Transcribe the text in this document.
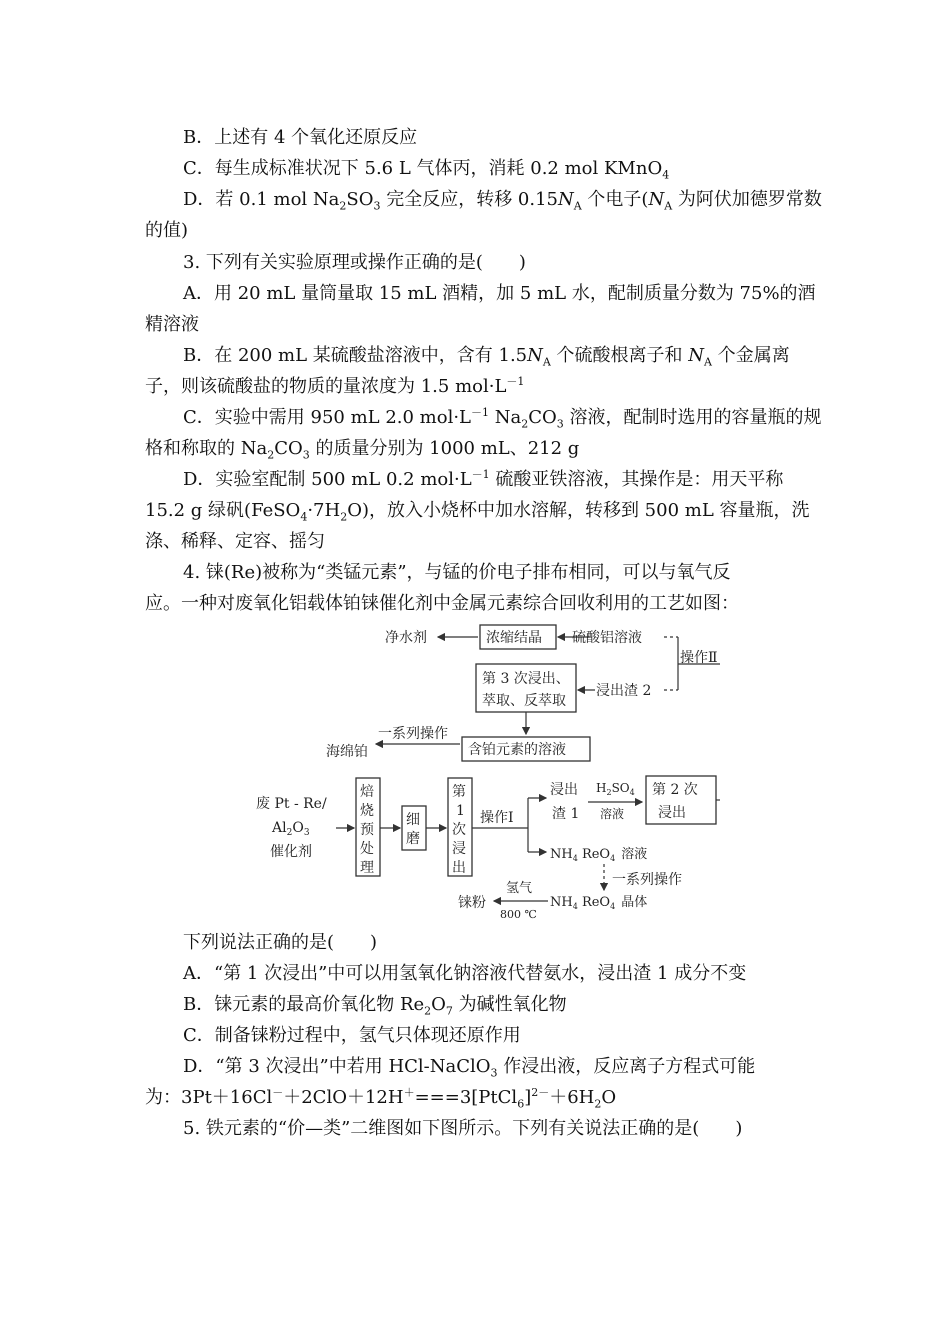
B．上述有 4 个氧化还原反应
C．每生成标准状况下 5.6 L 气体丙，消耗 0.2 mol KMnO$_4$
D．若 0.1 mol $Na_2SO_3$ 完全反应，转移 $0.15N_A$ 个电子($N_A$ 为阿伏加德罗常数
的值)
3. 下列有关实验原理或操作正确的是(　　)
A．用 20 mL 量筒量取 15 mL 酒精，加 5 mL 水，配制质量分数为 75%的酒
精溶液
B．在 200 mL 某硫酸盐溶液中，含有 $1.5N_A$ 个硫酸根离子和 $N_A$ 个金属离
子，则该硫酸盐的物质的量浓度为 1.5 $mol\cdot L^{-1}$
C．实验中需用 950 mL 2.0 $mol\cdot L^{-1}$ $Na_2CO_3$ 溶液，配制时选用的容量瓶的规
格和称取的 $Na_2CO_3$ 的质量分别为 1000 mL、212 g
D．实验室配制 500 mL 0.2 $mol\cdot L^{-1}$ 硫酸亚铁溶液，其操作是：用天平称
15.2 g 绿矾$(FeSO_4\cdot 7H_2O)$，放入小烧杯中加水溶解，转移到 500 mL 容量瓶，洗
涤、稀释、定容、摇匀
4. 铼(Re)被称为“类锰元素”，与锰的价电子排布相同，可以与氧气反
应。一种对废氧化铝载体铂铼催化剂中金属元素综合回收利用的工艺如图：
净水剂	浓缩结晶 硫酸铝溶液
操作Ⅱ
第 3 次浸出、
萃取、反萃取
浸出渣 2
含铂元素的溶液
一系列操作
海绵铂
废 Pt - Re/
$Al_2O_3$
催化剂
焙
烧
预
处
理
细
磨
第
1
次
浸
出
操作Ⅰ
浸出
渣 1
$H_2SO_4$
溶液
第 2 次
浸出
$NH_4$ ReO$_4$ 溶液
一系列操作
$NH_4$ ReO$_4$ 晶体
氢气
800 ℃
铼粉
下列说法正确的是(　　)
A．“第 1 次浸出”中可以用氢氧化钠溶液代替氨水，浸出渣 1 成分不变
B．铼元素的最高价氧化物 $Re_2O_7$ 为碱性氧化物
C．制备铼粉过程中，氢气只体现还原作用
D．“第 3 次浸出”中若用 HCl-NaClO$_3$ 作浸出液，反应离子方程式可能
为：$3Pt+16Cl^-+2ClO+12H^+===3[PtCl_6]^{2-}+6H_2O$
5. 铁元素的“价—类”二维图如下图所示。下列有关说法正确的是(　　)
